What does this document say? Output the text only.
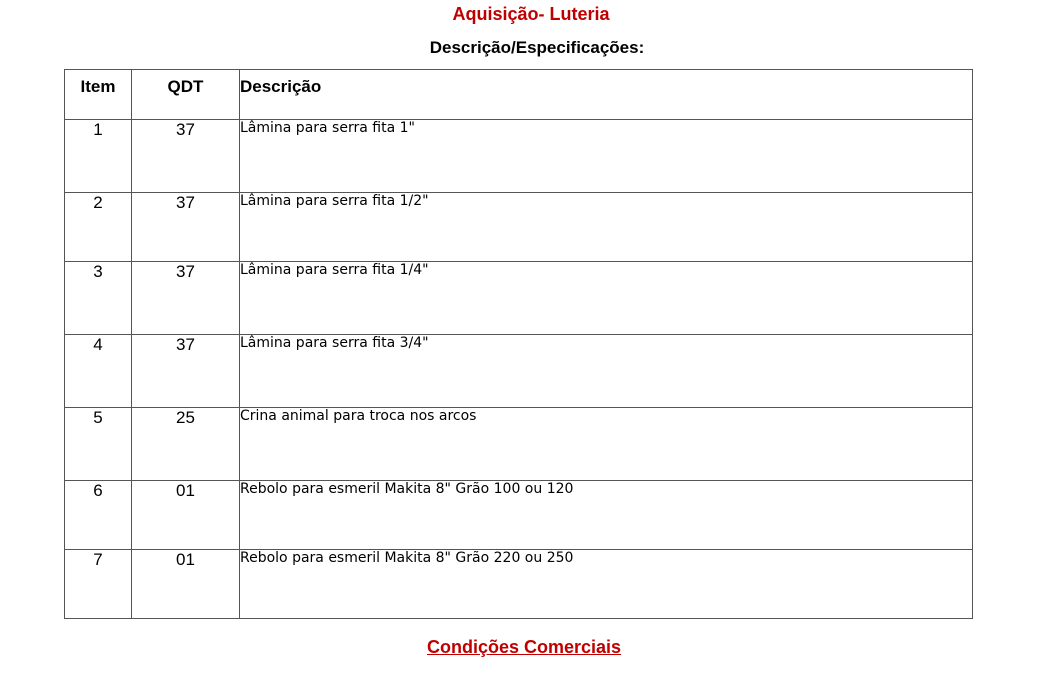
Aquisição- Luteria
Descrição/Especificações:
Item	QDT	Descrição
1	37	Lâmina para serra fita 1"
2	37	Lâmina para serra fita 1/2"
3	37	Lâmina para serra fita 1/4"
4	37	Lâmina para serra fita 3/4"
5	25	Crina animal para troca nos arcos
6	01	Rebolo para esmeril Makita 8" Grão 100 ou 120
7	01	Rebolo para esmeril Makita 8" Grão 220 ou 250
Condições Comerciais
